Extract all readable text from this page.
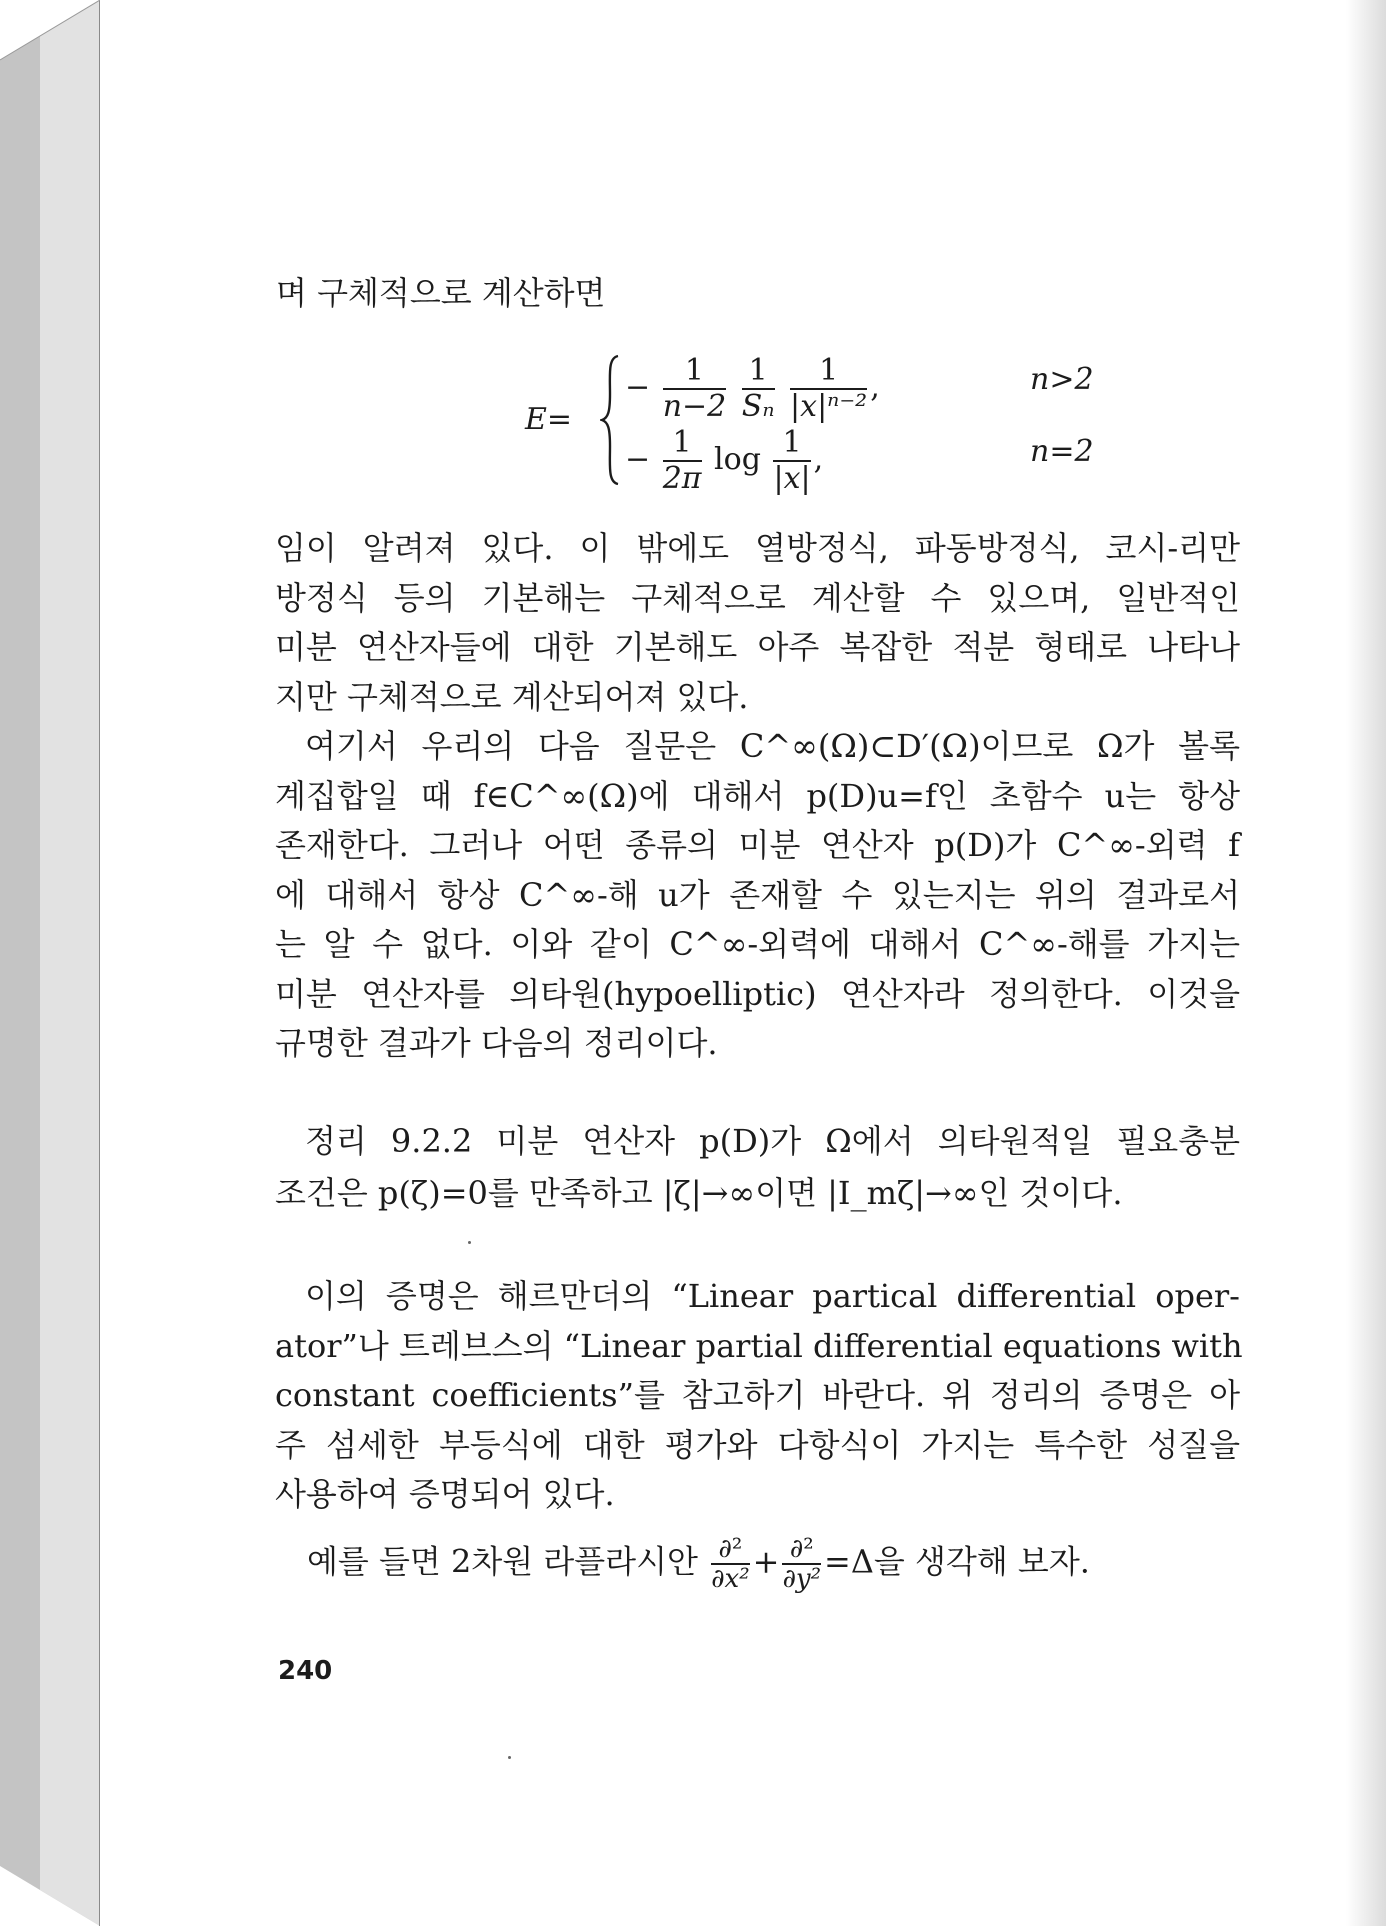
며 구체적으로 계산하면
E=
− $\frac{1}{n-2}$
$\frac{1}{\text{Sₙ}}$
$\frac{1}{\text{|x|ⁿ⁻²}}$ ,	n>2
− $\frac{1}{2\pi}$ $\log \frac{1}{|x|}$ ,	n=2
임이 알려져 있다. 이 밖에도 열방정식, 파동방정식, 코시-리만
방정식 등의 기본해는 구체적으로 계산할 수 있으며, 일반적인
미분 연산자들에 대한 기본해도 아주 복잡한 적분 형태로 나타나
지만 구체적으로 계산되어져 있다.
여기서 우리의 다음 질문은 C^∞(Ω)⊂D′(Ω)이므로 Ω가 볼록
계집합일 때 f∈C^∞(Ω)에 대해서 p(D)u=f인 초함수 u는 항상
존재한다. 그러나 어떤 종류의 미분 연산자 p(D)가 C^∞-외력 f
에 대해서 항상 C^∞-해 u가 존재할 수 있는지는 위의 결과로서
는 알 수 없다. 이와 같이 C^∞-외력에 대해서 C^∞-해를 가지는
미분 연산자를 의타원(hypoelliptic) 연산자라 정의한다. 이것을
규명한 결과가 다음의 정리이다.
정리 9.2.2 미분 연산자 p(D)가 Ω에서 의타원적일 필요충분
조건은 p(ζ)=0를 만족하고 |ζ|→∞이면 |I_mζ|→∞인 것이다.
이의 증명은 해르만더의 “Linear partical differential oper-
ator”나 트레브스의 “Linear partial differential equations with
constant coefficients”를 참고하기 바란다. 위 정리의 증명은 아
주 섬세한 부등식에 대한 평가와 다항식이 가지는 특수한 성질을
사용하여 증명되어 있다.
예를 들면 2차원 라플라시안 $\frac{\text{∂²}}{\text{∂x²}} + \frac{\text{∂²}}{\text{∂y²}} =\Delta$을 생각해 보자.
240
